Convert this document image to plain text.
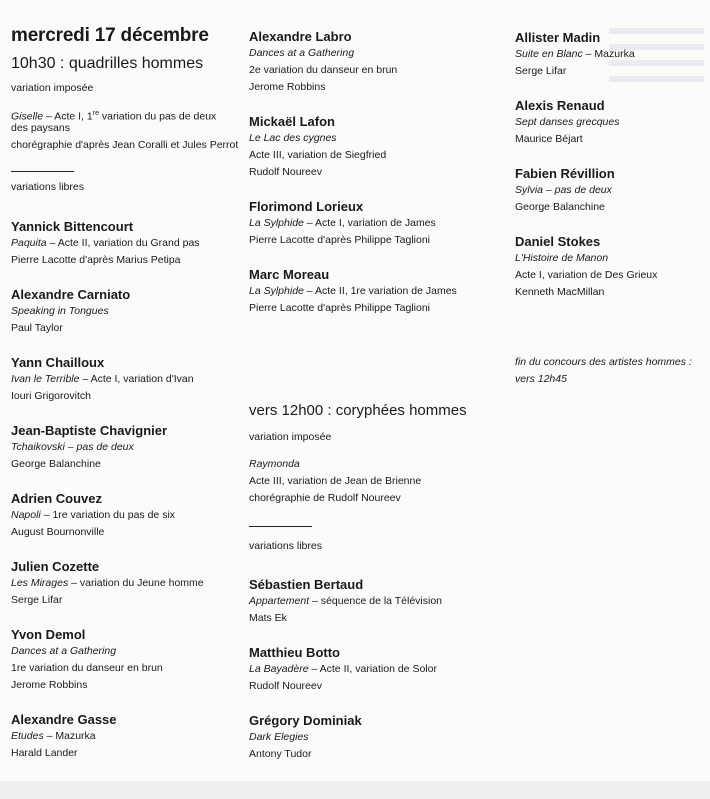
mercredi 17 décembre
10h30 : quadrilles hommes
variation imposée
Giselle – Acte I, 1re variation du pas de deux
des paysans
chorégraphie d'après Jean Coralli et Jules Perrot
variations libres
Yannick Bittencourt
Paquita – Acte II, variation du Grand pas
Pierre Lacotte d'après Marius Petipa
Alexandre Carniato
Speaking in Tongues
Paul Taylor
Yann Chailloux
Ivan le Terrible – Acte I, variation d'Ivan
Iouri Grigorovitch
Jean-Baptiste Chavignier
Tchaikovski – pas de deux
George Balanchine
Adrien Couvez
Napoli – 1re variation du pas de six
August Bournonville
Julien Cozette
Les Mirages – variation du Jeune homme
Serge Lifar
Yvon Demol
Dances at a Gathering
1re variation du danseur en brun
Jerome Robbins
Alexandre Gasse
Etudes – Mazurka
Harald Lander
Alexandre Labro
Dances at a Gathering
2e variation du danseur en brun
Jerome Robbins
Mickaël Lafon
Le Lac des cygnes
Acte III, variation de Siegfried
Rudolf Noureev
Florimond Lorieux
La Sylphide – Acte I, variation de James
Pierre Lacotte d'après Philippe Taglioni
Marc Moreau
La Sylphide – Acte II, 1re variation de James
Pierre Lacotte d'après Philippe Taglioni
vers 12h00 : coryphées hommes
variation imposée
Raymonda
Acte III, variation de Jean de Brienne
chorégraphie de Rudolf Noureev
variations libres
Sébastien Bertaud
Appartement – séquence de la Télévision
Mats Ek
Matthieu Botto
La Bayadère – Acte II, variation de Solor
Rudolf Noureev
Grégory Dominiak
Dark Elegies
Antony Tudor
Allister Madin
Suite en Blanc – Mazurka
Serge Lifar
Alexis Renaud
Sept danses grecques
Maurice Béjart
Fabien Révillion
Sylvia – pas de deux
George Balanchine
Daniel Stokes
L'Histoire de Manon
Acte I, variation de Des Grieux
Kenneth MacMillan
fin du concours des artistes hommes :
vers 12h45
